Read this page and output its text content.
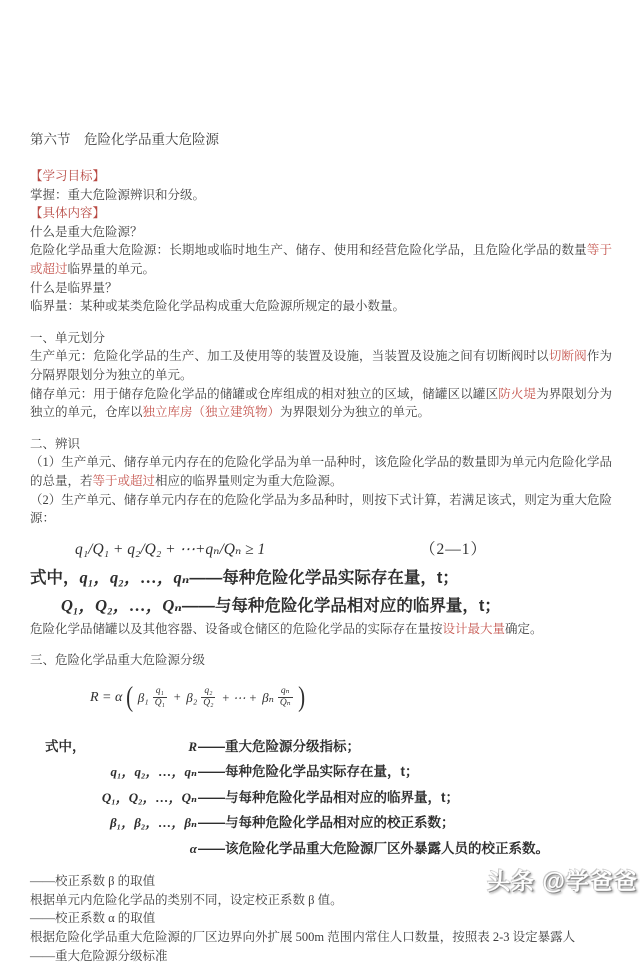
第六节　危险化学品重大危险源

【学习目标】

掌握：重大危险源辨识和分级。

【具体内容】

什么是重大危险源？

危险化学品重大危险源：长期地或临时地生产、储存、使用和经营危险化学品，且危险化学品的数量等于或超过临界量的单元。

什么是临界量？

临界量：某种或某类危险化学品构成重大危险源所规定的最小数量。

一、单元划分

生产单元：危险化学品的生产、加工及使用等的装置及设施，当装置及设施之间有切断阀时以切断阀作为分隔界限划分为独立的单元。

储存单元：用于储存危险化学品的储罐或仓库组成的相对独立的区域，储罐区以罐区防火堤为界限划分为独立的单元，仓库以独立库房（独立建筑物）为界限划分为独立的单元。

二、辨识

（1）生产单元、储存单元内存在的危险化学品为单一品种时，该危险化学品的数量即为单元内危险化学品的总量，若等于或超过相应的临界量则定为重大危险源。

（2）生产单元、储存单元内存在的危险化学品为多品种时，则按下式计算，若满足该式，则定为重大危险源：

q₁/Q₁ + q₂/Q₂ + ⋯+qₙ/Qₙ ≥ 1	（2—1）

式中，q₁，q₂，…，qₙ——每种危险化学品实际存在量，t；

Q₁，Q₂，…，Qₙ——与每种危险化学品相对应的临界量，t；

危险化学品储罐以及其他容器、设备或仓储区的危险化学品的实际存在量按设计最大量确定。

三、危险化学品重大危险源分级

R = α ( $\beta_1 \frac{\text{q₁}}{\text{Q₁}} + \beta_2 \frac{\text{q₂}}{\text{Q₂}}$ + ⋯ + βₙ $\frac{\text{qₙ}}{\text{Qₙ}}$ )
式中，	R ——重大危险源分级指标；
q₁，q₂，…，qₙ ——每种危险化学品实际存在量，t；
Q₁，Q₂，…，Qₙ ——与每种危险化学品相对应的临界量，t；
β₁，β₂，…，βₙ ——与每种危险化学品相对应的校正系数；
α ——该危险化学品重大危险源厂区外暴露人员的校正系数。

——校正系数 β 的取值

根据单元内危险化学品的类别不同，设定校正系数 β 值。

——校正系数 α 的取值

根据危险化学品重大危险源的厂区边界向外扩展 500m 范围内常住人口数量，按照表 2-3 设定暴露人

——重大危险源分级标准

头条 @学爸爸
